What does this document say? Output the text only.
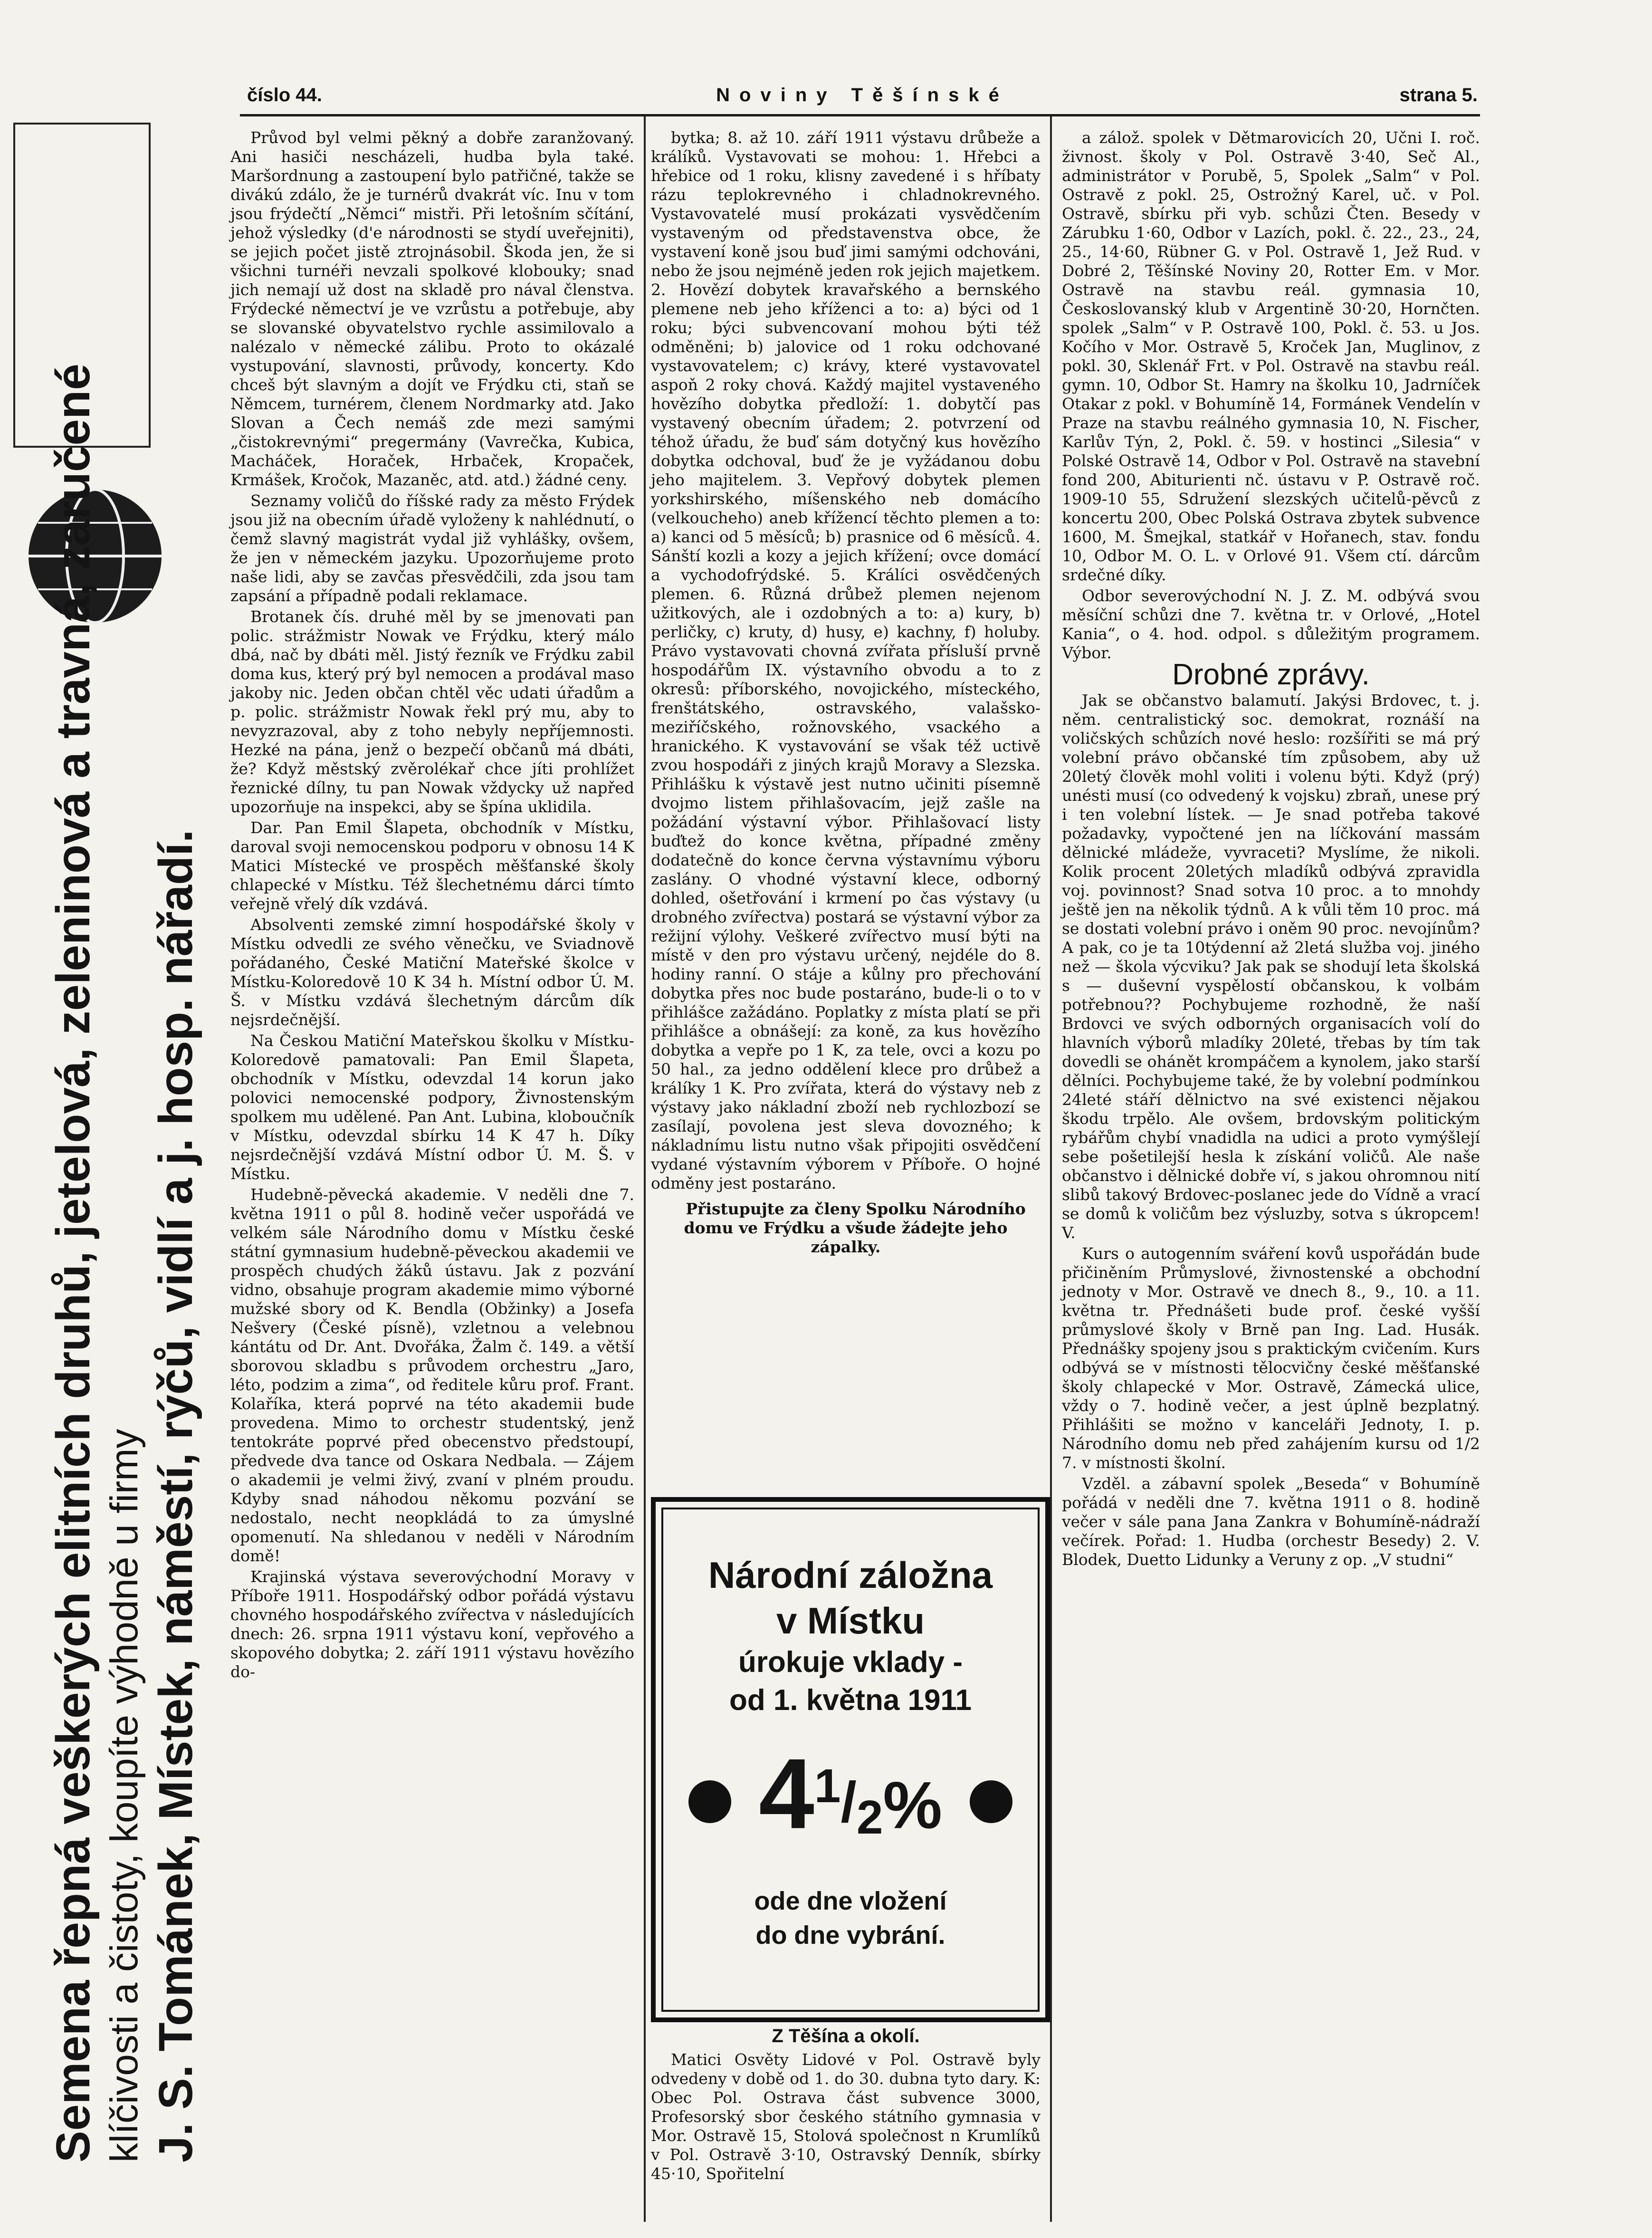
číslo 44.	Noviny Těšínské	strana 5.
Semena řepná veškerých elitních druhů, jetelová, zeleninová a travná, zaručené klíčivosti a čistoty, koupíte výhodně u firmy J. S. Tománek, Místek, náměstí, rýčů, vidlí a j. hosp. nářadí.

Průvod byl velmi pěkný a dobře zaranžovaný. Ani hasiči nescházeli, hudba byla také. Maršordnung a zastoupení bylo patřičné, takže se divákú zdálo, že je turnérů dvakrát víc. Inu v tom jsou frýdečtí „Němci“ mistři. Při letošním sčítání, jehož výsledky (d'e národnosti se stydí uveřejniti), se jejich počet jistě ztrojnásobil. Škoda jen, že si všichni turnéři nevzali spolkové klobouky; snad jich nemají už dost na skladě pro nával členstva. Frýdecké němectví je ve vzrůstu a potřebuje, aby se slovanské obyvatelstvo rychle assimilovalo a nalézalo v německé zálibu. Proto to okázalé vystupování, slavnosti, průvody, koncerty. Kdo chceš být slavným a dojít ve Frýdku cti, staň se Němcem, turnérem, členem Nordmarky atd. Jako Slovan a Čech nemáš zde mezi samými „čistokrevnými“ pregermány (Vavrečka, Kubica, Macháček, Horaček, Hrbaček, Kropaček, Krmášek, Kročok, Mazaněc, atd. atd.) žádné ceny.

Seznamy voličů do říšské rady za město Frýdek jsou již na obecním úřadě vyloženy k nahlédnutí, o čemž slavný magistrát vydal již vyhlášky, ovšem, že jen v německém jazyku. Upozorňujeme proto naše lidi, aby se zavčas přesvědčili, zda jsou tam zapsání a případně podali reklamace.

Brotanek čís. druhé měl by se jmenovati pan polic. strážmistr Nowak ve Frýdku, který málo dbá, nač by dbáti měl. Jistý řezník ve Frýdku zabil doma kus, který prý byl nemocen a prodával maso jakoby nic. Jeden občan chtěl věc udati úřadům a p. polic. strážmistr Nowak řekl prý mu, aby to nevyzrazoval, aby z toho nebyly nepříjemnosti. Hezké na pána, jenž o bezpečí občanů má dbáti, že? Když městský zvěrolékař chce jíti prohlížet řeznické dílny, tu pan Nowak vždycky už napřed upozorňuje na inspekci, aby se špína uklidila.

Dar. Pan Emil Šlapeta, obchodník v Místku, daroval svoji nemocenskou podporu v obnosu 14 K Matici Místecké ve prospěch měšťanské školy chlapecké v Místku. Též šlechetnému dárci tímto veřejně vřelý dík vzdává.

Absolventi zemské zimní hospodářské školy v Místku odvedli ze svého věnečku, ve Sviadnově pořádaného, České Matiční Mateřské školce v Místku-Koloredově 10 K 34 h. Místní odbor Ú. M. Š. v Místku vzdává šlechetným dárcům dík nejsrdečnější.

Na Českou Matiční Mateřskou školku v Místku-Koloredově pamatovali: Pan Emil Šlapeta, obchodník v Místku, odevzdal 14 korun jako polovici nemocenské podpory, Živnostenským spolkem mu udělené. Pan Ant. Lubina, kloboučník v Místku, odevzdal sbírku 14 K 47 h. Díky nejsrdečnější vzdává Místní odbor Ú. M. Š. v Místku.

Hudebně-pěvecká akademie. V neděli dne 7. května 1911 o půl 8. hodině večer uspořádá ve velkém sále Národního domu v Místku české státní gymnasium hudebně-pěveckou akademii ve prospěch chudých žáků ústavu. Jak z pozvání vidno, obsahuje program akademie mimo výborné mužské sbory od K. Bendla (Obžinky) a Josefa Nešvery (České písně), vzletnou a velebnou kántátu od Dr. Ant. Dvořáka, Žalm č. 149. a větší sborovou skladbu s průvodem orchestru „Jaro, léto, podzim a zima“, od ředitele kůru prof. Frant. Kolaříka, která poprvé na této akademii bude provedena. Mimo to orchestr studentský, jenž tentokráte poprvé před obecenstvo předstoupí, předvede dva tance od Oskara Nedbala. — Zájem o akademii je velmi živý, zvaní v plném proudu. Kdyby snad náhodou někomu pozvání se nedostalo, necht neopkládá to za úmyslné opomenutí. Na shledanou v neděli v Národním domě!

Krajinská výstava severovýchodní Moravy v Příboře 1911. Hospodářský odbor pořádá výstavu chovného hospodářského zvířectva v následujících dnech: 26. srpna 1911 výstavu koní, vepřového a skopového dobytka; 2. září 1911 výstavu hovězího do-

bytka; 8. až 10. září 1911 výstavu drůbeže a králíků. Vystavovati se mohou: 1. Hřebci a hřebice od 1 roku, klisny zavedené i s hříbaty rázu teplokrevného i chladnokrevného. Vystavovatelé musí prokázati vysvědčením vystaveným od představenstva obce, že vystavení koně jsou buď jimi samými odchováni, nebo že jsou nejméně jeden rok jejich majetkem. 2. Hovězí dobytek kravařského a bernského plemene neb jeho kříženci a to: a) býci od 1 roku; býci subvencovaní mohou býti též odměněni; b) jalovice od 1 roku odchované vystavovatelem; c) krávy, které vystavovatel aspoň 2 roky chová. Každý majitel vystaveného hovězího dobytka předloží: 1. dobytčí pas vystavený obecním úřadem; 2. potvrzení od téhož úřadu, že buď sám dotyčný kus hovězího dobytka odchoval, buď že je vyžádanou dobu jeho majitelem. 3. Vepřový dobytek plemen yorkshirského, míšenského neb domácího (velkoucheho) aneb křížencí těchto plemen a to: a) kanci od 5 měsíců; b) prasnice od 6 měsíců. 4. Sánští kozli a kozy a jejich křížení; ovce domácí a vychodofrýdské. 5. Králíci osvědčených plemen. 6. Různá drůbež plemen nejenom užitkových, ale i ozdobných a to: a) kury, b) perličky, c) kruty, d) husy, e) kachny, f) holuby. Právo vystavovati chovná zvířata přísluší prvně hospodářům IX. výstavního obvodu a to z okresů: příborského, novojického, místeckého, frenštátského, ostravského, valašsko-meziříčského, rožnovského, vsackého a hranického. K vystavování se však též uctivě zvou hospodáři z jiných krajů Moravy a Slezska. Přihlášku k výstavě jest nutno učiniti písemně dvojmo listem přihlašovacím, jejž zašle na požádání výstavní výbor. Přihlašovací listy buďtež do konce května, případné změny dodatečně do konce června výstavnímu výboru zaslány. O vhodné výstavní klece, odborný dohled, ošetřování i krmení po čas výstavy (u drobného zvířectva) postará se výstavní výbor za režijní výlohy. Veškeré zvířectvo musí býti na místě v den pro výstavu určený, nejdéle do 8. hodiny ranní. O stáje a kůlny pro přechování dobytka přes noc bude postaráno, bude-li o to v přihlášce zažádáno. Poplatky z místa platí se při přihlášce a obnášejí: za koně, za kus hovězího dobytka a vepře po 1 K, za tele, ovci a kozu po 50 hal., za jedno oddělení klece pro drůbež a králíky 1 K. Pro zvířata, která do výstavy neb z výstavy jako nákladní zboží neb rychlozbozí se zasílají, povolena jest sleva dovozného; k nákladnímu listu nutno však připojiti osvědčení vydané výstavním výborem v Příboře. O hojné odměny jest postaráno.

Přistupujte za členy Spolku Národního domu ve Frýdku a všude žádejte jeho zápalky.

Národní záložna
v Místku
úrokuje vklady -
od 1. května 1911
$4^1/_2\%$
ode dne vložení
do dne vybrání.
Z Těšína a okolí.

Matici Osvěty Lidové v Pol. Ostravě byly odvedeny v době od 1. do 30. dubna tyto dary. K: Obec Pol. Ostrava část subvence 3000, Profesorský sbor českého státního gymnasia v Mor. Ostravě 15, Stolová společnost n Krumlíků v Pol. Ostravě 3·10, Ostravský Denník, sbírky 45·10, Spořitelní

a zálož. spolek v Dětmarovicích 20, Učni I. roč. živnost. školy v Pol. Ostravě 3·40, Seč Al., administrátor v Porubě, 5, Spolek „Salm“ v Pol. Ostravě z pokl. 25, Ostrožný Karel, uč. v Pol. Ostravě, sbírku při vyb. schůzi Čten. Besedy v Zárubku 1·60, Odbor v Lazích, pokl. č. 22., 23., 24, 25., 14·60, Rübner G. v Pol. Ostravě 1, Jež Rud. v Dobré 2, Těšínské Noviny 20, Rotter Em. v Mor. Ostravě na stavbu reál. gymnasia 10, Českoslovanský klub v Argentině 30·20, Hornčten. spolek „Salm“ v P. Ostravě 100, Pokl. č. 53. u Jos. Kočího v Mor. Ostravě 5, Kroček Jan, Muglinov, z pokl. 30, Sklenář Frt. v Pol. Ostravě na stavbu reál. gymn. 10, Odbor St. Hamry na školku 10, Jadrníček Otakar z pokl. v Bohumíně 14, Formánek Vendelín v Praze na stavbu reálného gymnasia 10, N. Fischer, Karlův Týn, 2, Pokl. č. 59. v hostinci „Silesia“ v Polské Ostravě 14, Odbor v Pol. Ostravě na stavební fond 200, Abiturienti nč. ústavu v P. Ostravě roč. 1909-10 55, Sdružení slezských učitelů-pěvců z koncertu 200, Obec Polská Ostrava zbytek subvence 1600, M. Šmejkal, statkář v Hořanech, stav. fondu 10, Odbor M. O. L. v Orlové 91. Všem ctí. dárcům srdečné díky.

Odbor severovýchodní N. J. Z. M. odbývá svou měsíční schůzi dne 7. května tr. v Orlové, „Hotel Kania“, o 4. hod. odpol. s důležitým programem. Výbor.

Drobné zprávy.

Jak se občanstvo balamutí. Jakýsi Brdovec, t. j. něm. centralistický soc. demokrat, roznáší na voličských schůzích nové heslo: rozšířiti se má prý volební právo občanské tím způsobem, aby už 20letý člověk mohl voliti i volenu býti. Když (prý) unésti musí (co odvedený k vojsku) zbraň, unese prý i ten volební lístek. — Je snad potřeba takové požadavky, vypočtené jen na líčkování massám dělnické mládeže, vyvraceti? Myslíme, že nikoli. Kolik procent 20letých mladíků odbývá zpravidla voj. povinnost? Snad sotva 10 proc. a to mnohdy ještě jen na několik týdnů. A k vůli těm 10 proc. má se dostati volební právo i oněm 90 proc. nevojínům? A pak, co je ta 10týdenní až 2letá služba voj. jiného než — škola výcviku? Jak pak se shodují leta školská s — duševní vyspělostí občanskou, k volbám potřebnou?? Pochybujeme rozhodně, že naší Brdovci ve svých odborných organisacích volí do hlavních výborů mladíky 20leté, třebas by tím tak dovedli se ohánět krompáčem a kynolem, jako starší dělníci. Pochybujeme také, že by volební podmínkou 24leté stáří dělnictvo na své existenci nějakou škodu trpělo. Ale ovšem, brdovským politickým rybářům chybí vnadidla na udici a proto vymýšlejí sebe pošetilejší hesla k získání voličů. Ale naše občanstvo i dělnické dobře ví, s jakou ohromnou nití slibů takový Brdovec-poslanec jede do Vídně a vrací se domů k voličům bez výsluzby, sotva s úkropcem! V.

Kurs o autogenním sváření kovů uspořádán bude přičiněním Průmyslové, živnostenské a obchodní jednoty v Mor. Ostravě ve dnech 8., 9., 10. a 11. května tr. Přednášeti bude prof. české vyšší průmyslové školy v Brně pan Ing. Lad. Husák. Přednášky spojeny jsou s praktickým cvičením. Kurs odbývá se v místnosti tělocvičny české měšťanské školy chlapecké v Mor. Ostravě, Zámecká ulice, vždy o 7. hodině večer, a jest úplně bezplatný. Přihlášiti se možno v kanceláři Jednoty, I. p. Národního domu neb před zahájením kursu od 1/2 7. v místnosti školní.

Vzděl. a zábavní spolek „Beseda“ v Bohumíně pořádá v neděli dne 7. května 1911 o 8. hodině večer v sále pana Jana Zankra v Bohumíně-nádraží večírek. Pořad: 1. Hudba (orchestr Besedy) 2. V. Blodek, Duetto Lidunky a Veruny z op. „V studni“
